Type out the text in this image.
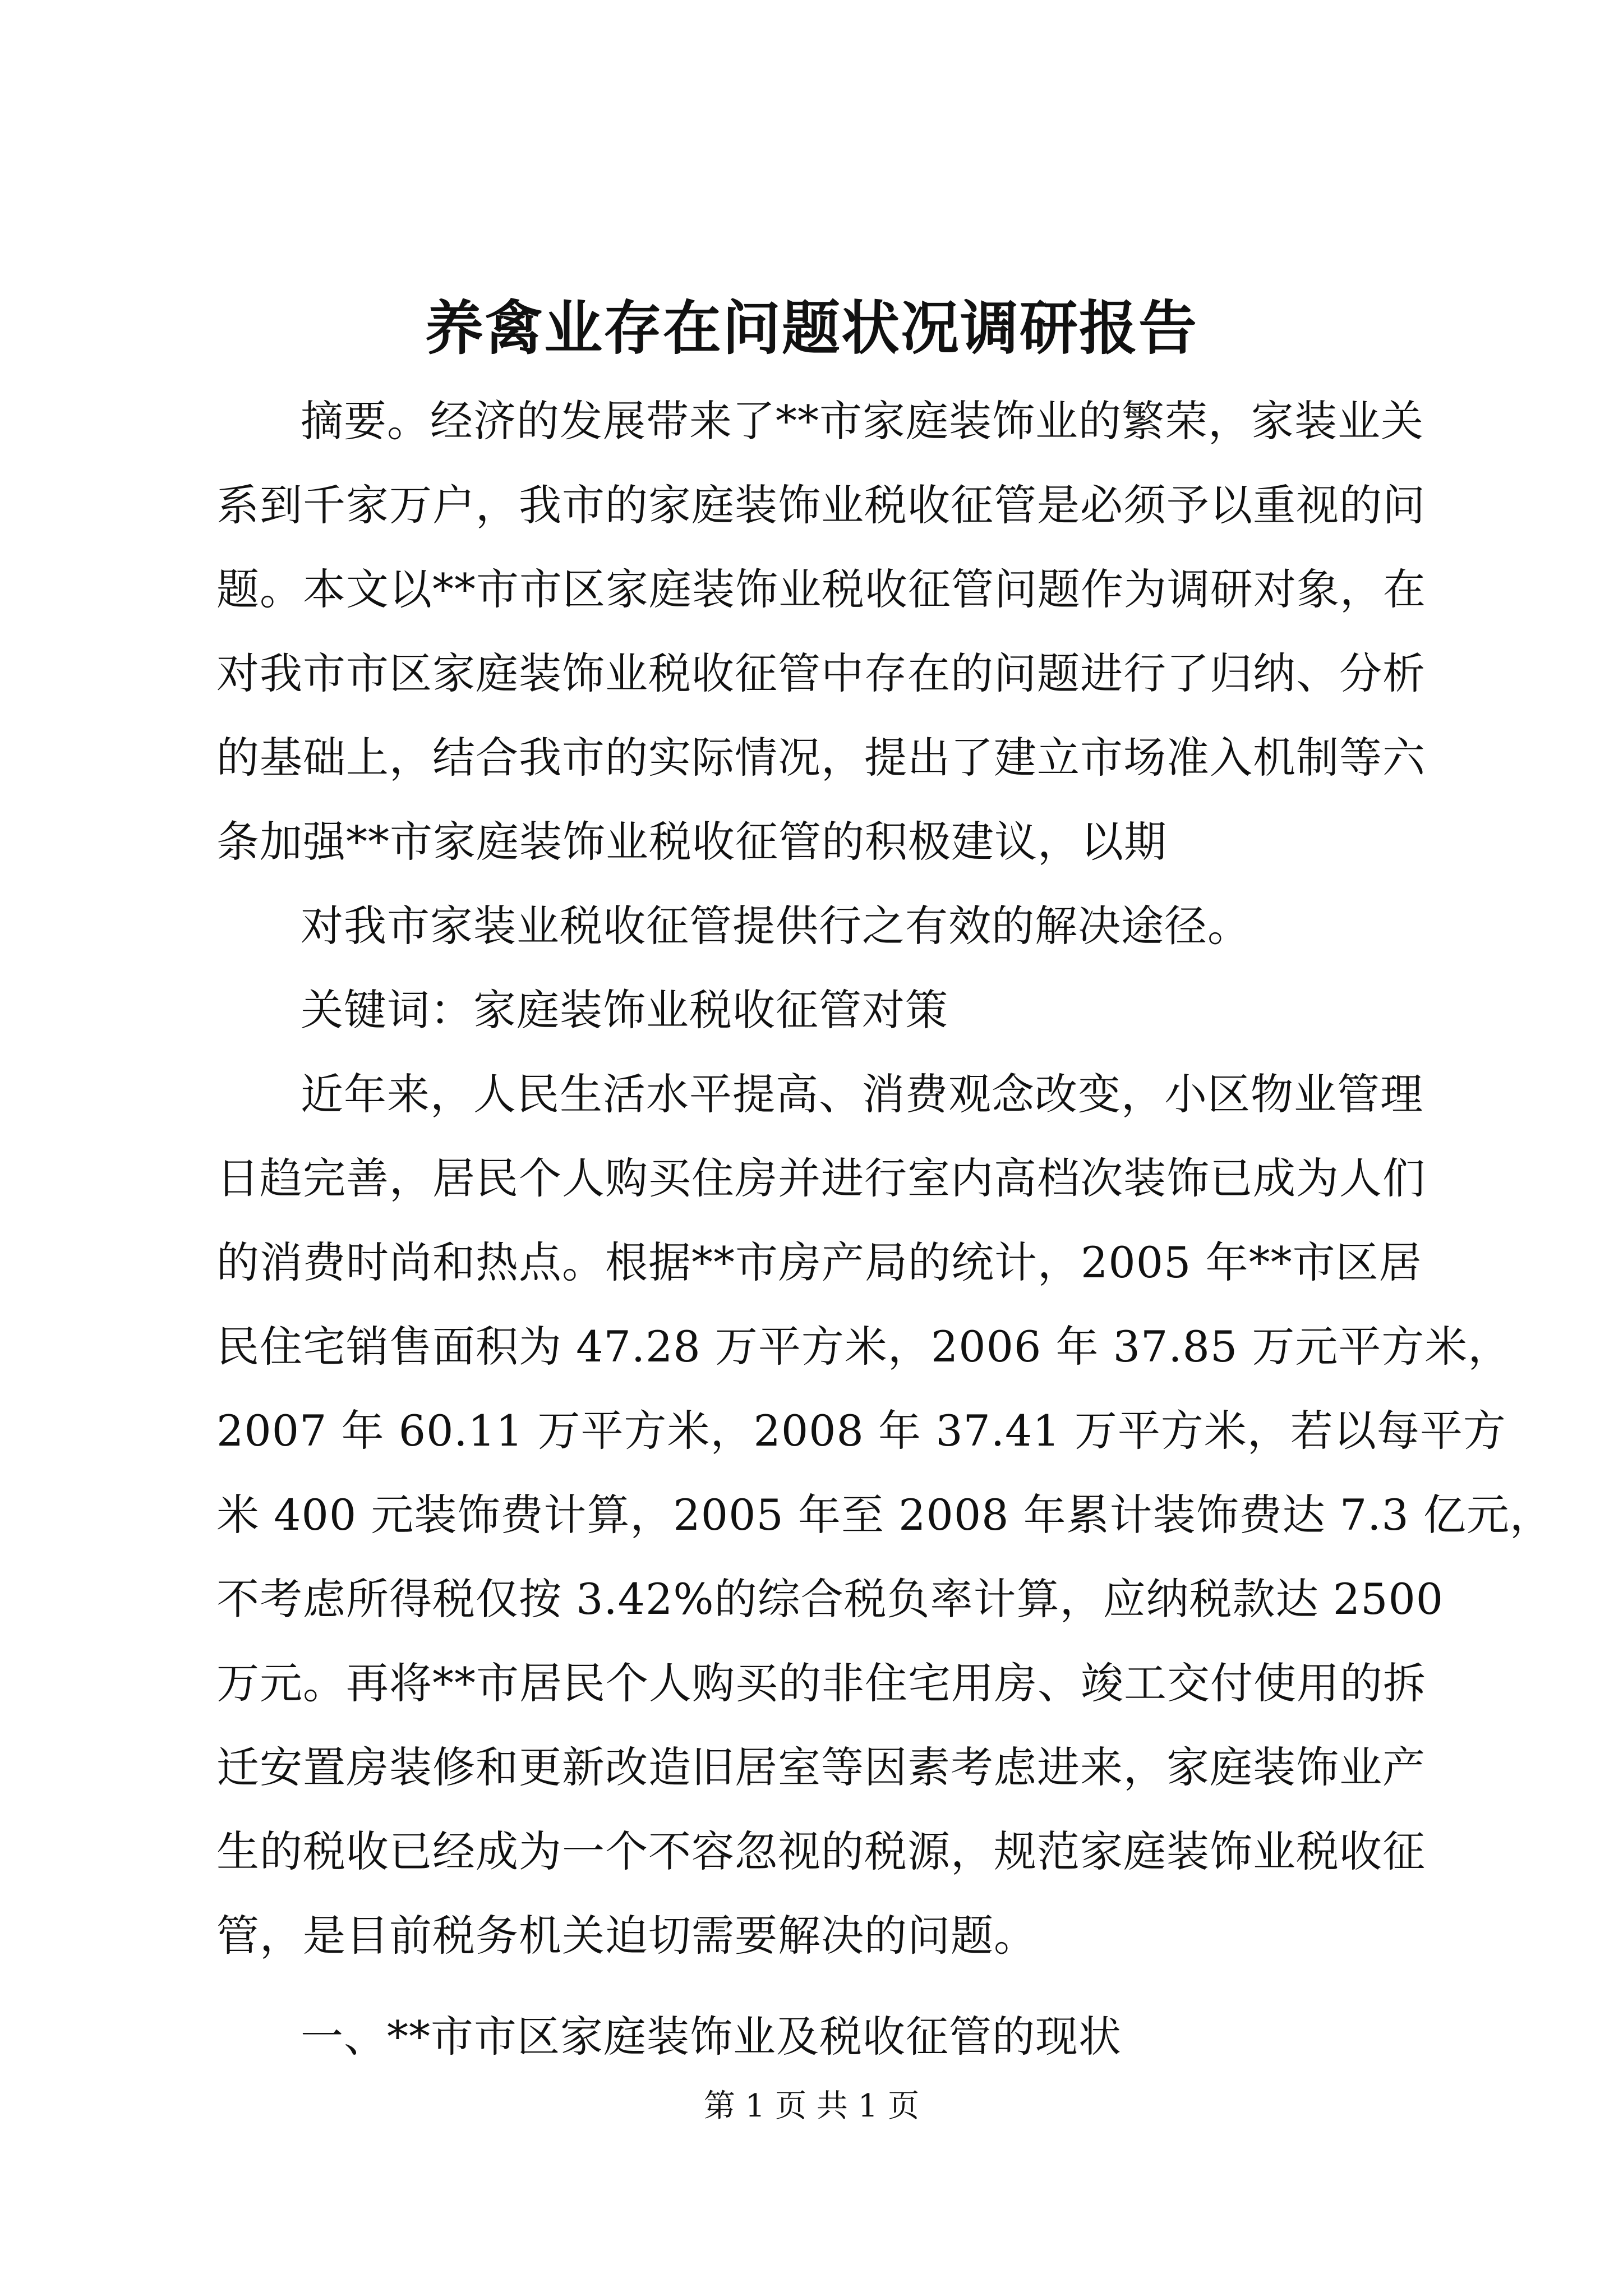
养禽业存在问题状况调研报告
摘要。经济的发展带来了**市家庭装饰业的繁荣，家装业关
系到千家万户，我市的家庭装饰业税收征管是必须予以重视的问
题。本文以**市市区家庭装饰业税收征管问题作为调研对象，在
对我市市区家庭装饰业税收征管中存在的问题进行了归纳、分析
的基础上，结合我市的实际情况，提出了建立市场准入机制等六
条加强**市家庭装饰业税收征管的积极建议，以期
对我市家装业税收征管提供行之有效的解决途径。
关键词：家庭装饰业税收征管对策
近年来，人民生活水平提高、消费观念改变，小区物业管理
日趋完善，居民个人购买住房并进行室内高档次装饰已成为人们
的消费时尚和热点。根据**市房产局的统计，2005 年**市区居
民住宅销售面积为 47.28 万平方米，2006 年 37.85 万元平方米，
2007 年 60.11 万平方米，2008 年 37.41 万平方米，若以每平方
米 400 元装饰费计算，2005 年至 2008 年累计装饰费达 7.3 亿元，
不考虑所得税仅按 3.42%的综合税负率计算，应纳税款达 2500
万元。再将**市居民个人购买的非住宅用房、竣工交付使用的拆
迁安置房装修和更新改造旧居室等因素考虑进来，家庭装饰业产
生的税收已经成为一个不容忽视的税源，规范家庭装饰业税收征
管，是目前税务机关迫切需要解决的问题。
一、**市市区家庭装饰业及税收征管的现状
第 1 页 共 1 页
